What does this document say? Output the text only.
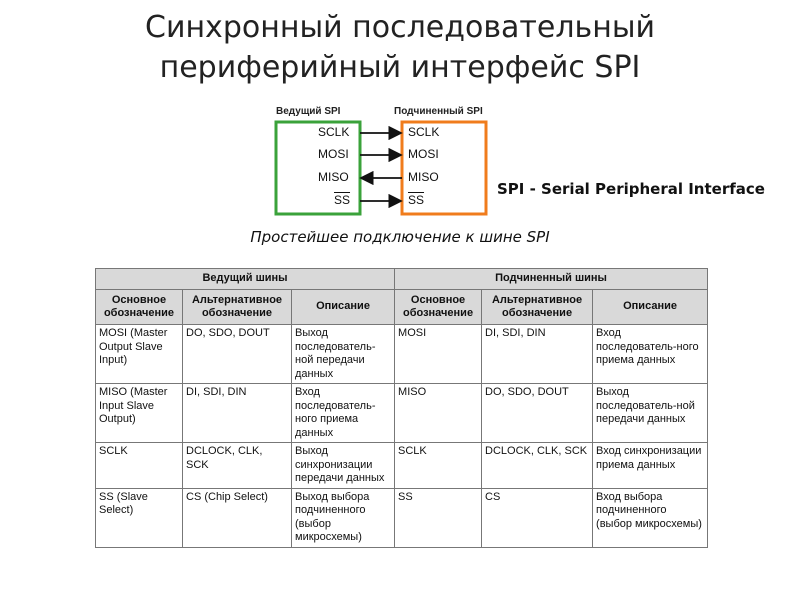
Синхронный последовательный
периферийный интерфейс SPI
Ведущий SPI	Подчиненный SPI
SCLK
MOSI
MISO
$\overline{SS}$
SCLK
MOSI
MISO
$\overline{SS}$
SPI - Serial Peripheral Interface
Простейшее подключение к шине SPI
Ведущий шины			Подчиненный шины		
Основное обозначение	Альтернативное обозначение	Описание	Основное обозначение	Альтернативное обозначение	Описание
MOSI (Master Output Slave Input)	DO, SDO, DOUT	Выход последователь-ной передачи данных	MOSI	DI, SDI, DIN	Вход последователь-ного приема данных
MISO (Master Input Slave Output)	DI, SDI, DIN	Вход последователь-ного приема данных	MISO	DO, SDO, DOUT	Выход последователь-ной передачи данных
SCLK	DCLOCK, CLK, SCK	Выход синхронизации передачи данных	SCLK	DCLOCK, CLK, SCK	Вход синхронизации приема данных
SS (Slave Select)	CS (Chip Select)	Выход выбора подчиненного (выбор микросхемы)	SS	CS	Вход выбора подчиненного (выбор микросхемы)
